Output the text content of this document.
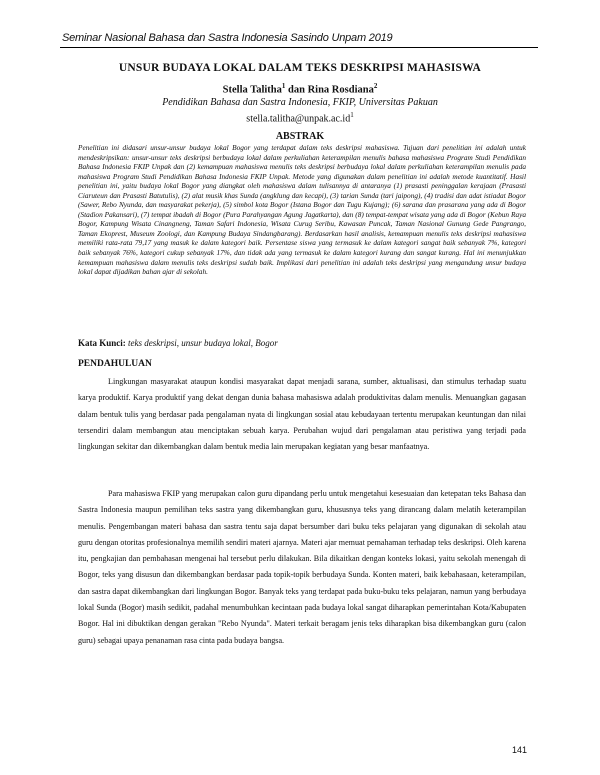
Seminar Nasional Bahasa dan Sastra Indonesia Sasindo Unpam 2019
UNSUR BUDAYA LOKAL DALAM TEKS DESKRIPSI MAHASISWA
Stella Talitha$^1$ dan Rina Rosdiana$^2$
Pendidikan Bahasa dan Sastra Indonesia, FKIP, Universitas Pakuan
$stella.talitha@unpak.ac.id^1$
ABSTRAK
Penelitian ini didasari unsur-unsur budaya lokal Bogor yang terdapat dalam teks deskripsi mahasiswa. Tujuan dari penelitian ini adalah untuk mendeskripsikan: unsur-unsur teks deskripsi berbudaya lokal dalam perkuliahan keterampilan menulis bahasa mahasiswa Program Studi Pendidikan Bahasa Indonesia FKIP Unpak dan (2) kemampuan mahasiswa menulis teks deskripsi berbudaya lokal dalam perkuliahan keterampilan menulis pada mahasiswa Program Studi Pendidikan Bahasa Indonesia FKIP Unpak. Metode yang digunakan dalam penelitian ini adalah metode kuantitatif. Hasil penelitian ini, yaitu budaya lokal Bogor yang diangkat oleh mahasiswa dalam tulisannya di antaranya (1) prasasti peninggalan kerajaan (Prasasti Ciaruteun dan Prasasti Batutulis), (2) alat musik khas Sunda (angklung dan kecapi), (3) tarian Sunda (tari jaipong), (4) tradisi dan adat istiadat Bogor (Sawer, Rebo Nyunda, dan masyarakat pekerja), (5) simbol kota Bogor (Istana Bogor dan Tugu Kujang); (6) sarana dan prasarana yang ada di Bogor (Stadion Pakansari), (7) tempat ibadah di Bogor (Pura Parahyangan Agung Jagatkarta), dan (8) tempat-tempat wisata yang ada di Bogor (Kebun Raya Bogor, Kampung Wisata Cinangneng, Taman Safari Indonesia, Wisata Curug Seribu, Kawasan Puncak, Taman Nasional Gunung Gede Pangrango, Taman Ekoprest, Museum Zoologi, dan Kampung Budaya Sindangbarang). Berdasarkan hasil analisis, kemampuan menulis teks deskripsi mahasiswa memiliki rata-rata 79,17 yang masuk ke dalam kategori baik. Persentase siswa yang termasuk ke dalam kategori sangat baik sebanyak 7%, kategori baik sebanyak 76%, kategori cukup sebanyak 17%, dan tidak ada yang termasuk ke dalam kategori kurang dan sangat kurang. Hal ini menunjukkan kemampuan mahasiswa dalam menulis teks deskripsi sudah baik. Implikasi dari penelitian ini adalah teks deskripsi yang mengandung unsur budaya lokal dapat dijadikan bahan ajar di sekolah.
Kata Kunci: teks deskripsi, unsur budaya lokal, Bogor
PENDAHULUAN
Lingkungan masyarakat ataupun kondisi masyarakat dapat menjadi sarana, sumber, aktualisasi, dan stimulus terhadap suatu karya produktif. Karya produktif yang dekat dengan dunia bahasa mahasiswa adalah produktivitas dalam menulis. Menuangkan gagasan dalam bentuk tulis yang berdasar pada pengalaman nyata di lingkungan sosial atau kebudayaan tertentu merupakan keuntungan dan nilai tersendiri dalam membangun atau menciptakan sebuah karya. Perubahan wujud dari pengalaman atau peristiwa yang terjadi pada lingkungan sekitar dan dikembangkan dalam bentuk media lain merupakan kegiatan yang besar manfaatnya.
Para mahasiswa FKIP yang merupakan calon guru dipandang perlu untuk mengetahui kesesuaian dan ketepatan teks Bahasa dan Sastra Indonesia maupun pemilihan teks sastra yang dikembangkan guru, khususnya teks yang dirancang dalam melatih keterampilan menulis. Pengembangan materi bahasa dan sastra tentu saja dapat bersumber dari buku teks pelajaran yang digunakan di sekolah atau guru dengan otoritas profesionalnya memilih sendiri materi ajarnya. Materi ajar memuat pemahaman terhadap teks deskripsi. Oleh karena itu, pengkajian dan pembahasan mengenai hal tersebut perlu dilakukan. Bila dikaitkan dengan konteks lokasi, yaitu sekolah menengah di Bogor, teks yang disusun dan dikembangkan berdasar pada topik-topik berbudaya Sunda. Konten materi, baik kebahasaan, keterampilan, dan sastra dapat dikembangkan dari lingkungan Bogor. Banyak teks yang terdapat pada buku-buku teks pelajaran, namun yang berbudaya lokal Sunda (Bogor) masih sedikit, padahal menumbuhkan kecintaan pada budaya lokal sangat diharapkan pemerintahan Kota/Kabupaten Bogor. Hal ini dibuktikan dengan gerakan "Rebo Nyunda". Materi terkait beragam jenis teks diharapkan bisa dikembangkan guru (calon guru) sebagai upaya penanaman rasa cinta pada budaya bangsa.
141
